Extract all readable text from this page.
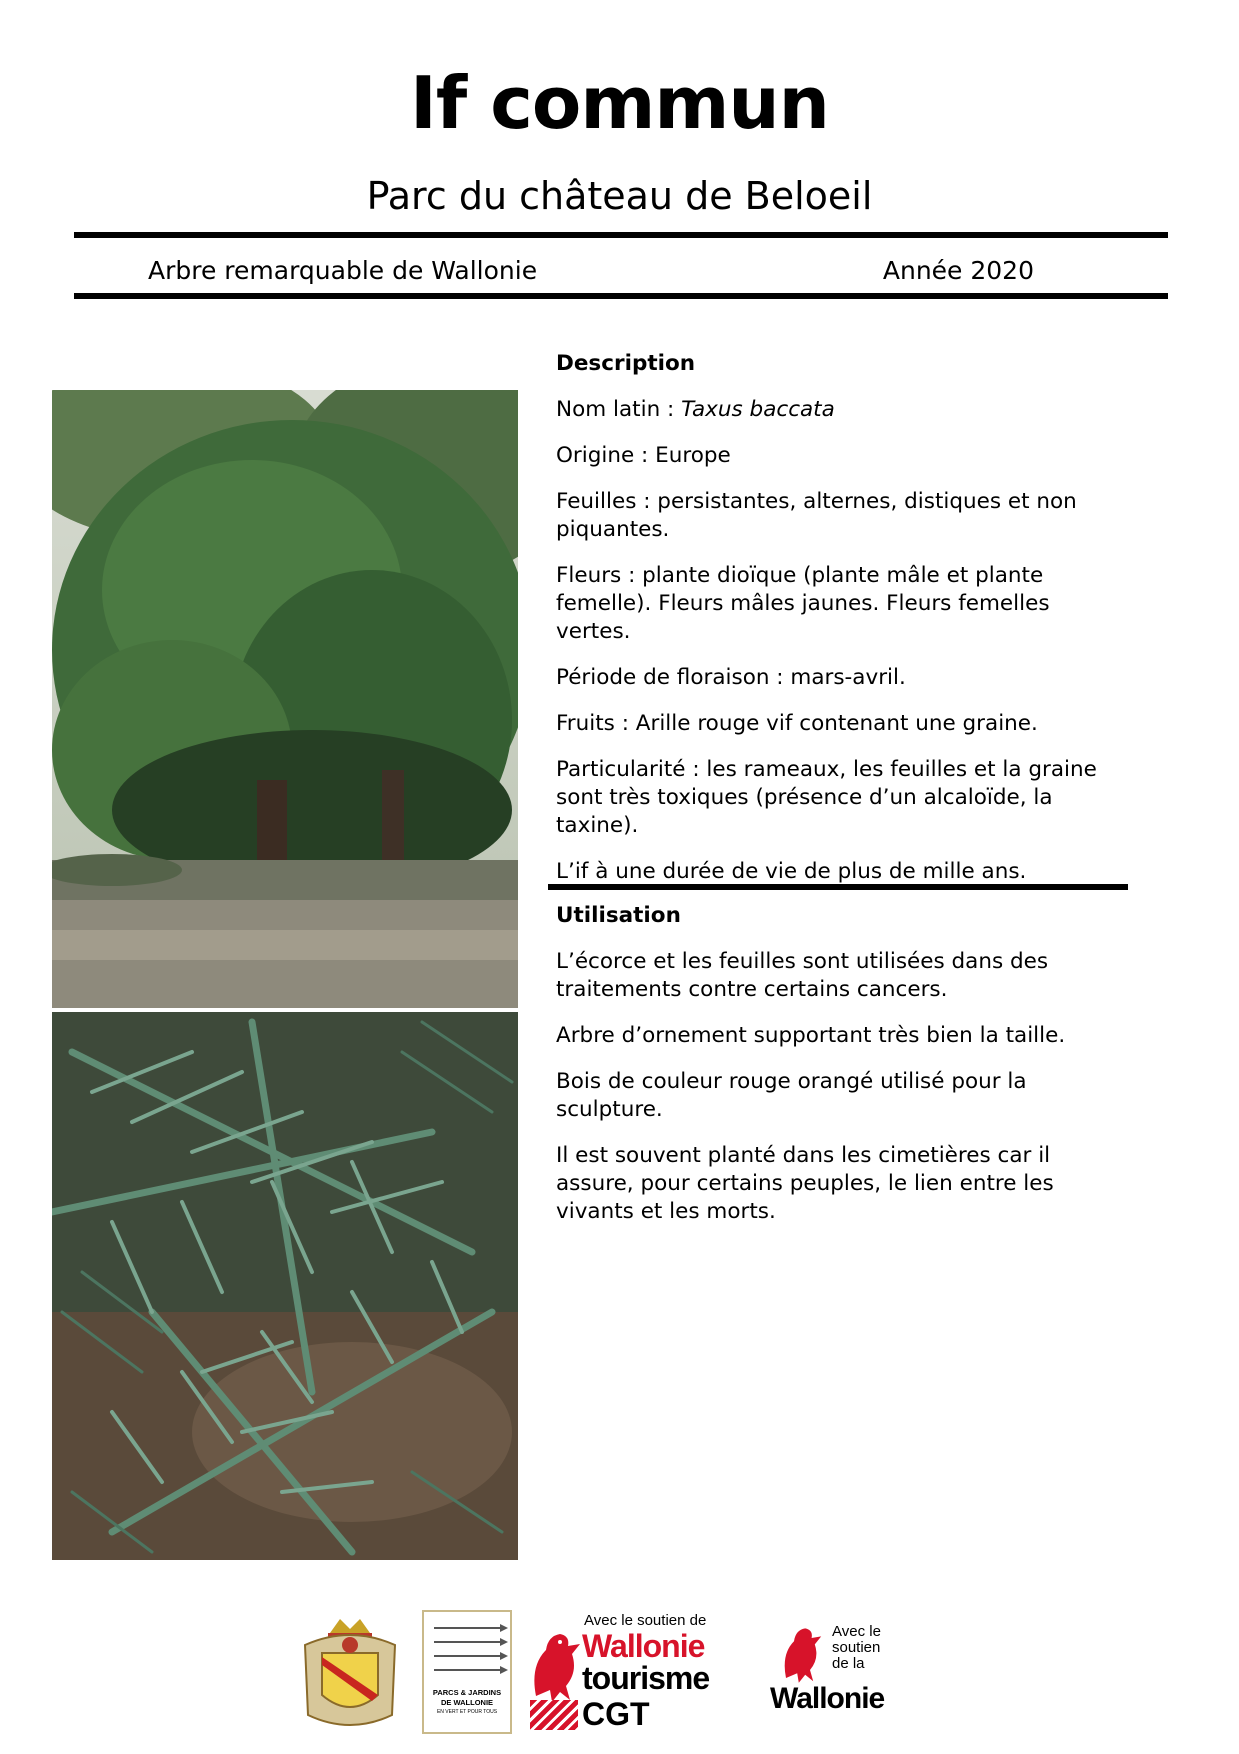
If commun
Parc du château de Beloeil
Arbre remarquable de Wallonie	Année 2020
Description

Nom latin : Taxus baccata

Origine : Europe

Feuilles : persistantes, alternes, distiques et non piquantes.

Fleurs : plante dioïque (plante mâle et plante femelle). Fleurs mâles jaunes. Fleurs femelles vertes.

Période de floraison : mars-avril.

Fruits : Arille rouge vif contenant une graine.

Particularité : les rameaux, les feuilles et la graine sont très toxiques (présence d’un alcaloïde, la taxine).

L’if à une durée de vie de plus de mille ans.

Utilisation

L’écorce et les feuilles sont utilisées dans des traitements contre certains cancers.

Arbre d’ornement supportant très bien la taille.

Bois de couleur rouge orangé utilisé pour la sculpture.

Il est souvent planté dans les cimetières car il assure, pour certains peuples, le lien entre les vivants et les morts.

PARCS & JARDINS
DE WALLONIE
EN VERT ET POUR TOUS
Avec le soutien de
Wallonie
tourisme
CGT
Avec le
soutien
de la
Wallonie
